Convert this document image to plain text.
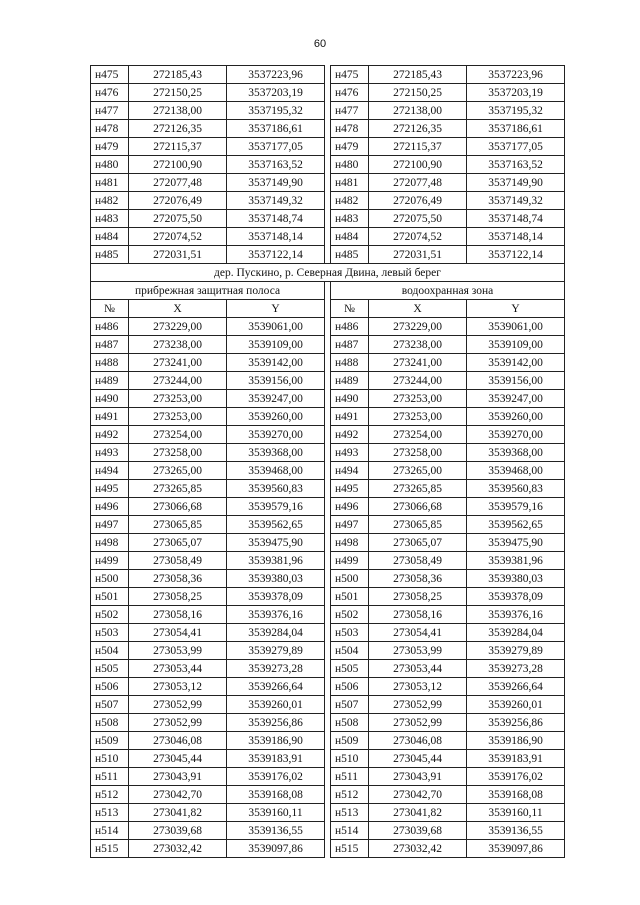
60
н475	272185,43	3537223,96		н475	272185,43	3537223,96
н476	272150,25	3537203,19		н476	272150,25	3537203,19
н477	272138,00	3537195,32		н477	272138,00	3537195,32
н478	272126,35	3537186,61		н478	272126,35	3537186,61
н479	272115,37	3537177,05		н479	272115,37	3537177,05
н480	272100,90	3537163,52		н480	272100,90	3537163,52
н481	272077,48	3537149,90		н481	272077,48	3537149,90
н482	272076,49	3537149,32		н482	272076,49	3537149,32
н483	272075,50	3537148,74		н483	272075,50	3537148,74
н484	272074,52	3537148,14		н484	272074,52	3537148,14
н485	272031,51	3537122,14		н485	272031,51	3537122,14
дер. Пускино, р. Северная Двина, левый берег						
прибрежная защитная полоса				водоохранная зона		
№	X	Y		№	X	Y
н486	273229,00	3539061,00		н486	273229,00	3539061,00
н487	273238,00	3539109,00		н487	273238,00	3539109,00
н488	273241,00	3539142,00		н488	273241,00	3539142,00
н489	273244,00	3539156,00		н489	273244,00	3539156,00
н490	273253,00	3539247,00		н490	273253,00	3539247,00
н491	273253,00	3539260,00		н491	273253,00	3539260,00
н492	273254,00	3539270,00		н492	273254,00	3539270,00
н493	273258,00	3539368,00		н493	273258,00	3539368,00
н494	273265,00	3539468,00		н494	273265,00	3539468,00
н495	273265,85	3539560,83		н495	273265,85	3539560,83
н496	273066,68	3539579,16		н496	273066,68	3539579,16
н497	273065,85	3539562,65		н497	273065,85	3539562,65
н498	273065,07	3539475,90		н498	273065,07	3539475,90
н499	273058,49	3539381,96		н499	273058,49	3539381,96
н500	273058,36	3539380,03		н500	273058,36	3539380,03
н501	273058,25	3539378,09		н501	273058,25	3539378,09
н502	273058,16	3539376,16		н502	273058,16	3539376,16
н503	273054,41	3539284,04		н503	273054,41	3539284,04
н504	273053,99	3539279,89		н504	273053,99	3539279,89
н505	273053,44	3539273,28		н505	273053,44	3539273,28
н506	273053,12	3539266,64		н506	273053,12	3539266,64
н507	273052,99	3539260,01		н507	273052,99	3539260,01
н508	273052,99	3539256,86		н508	273052,99	3539256,86
н509	273046,08	3539186,90		н509	273046,08	3539186,90
н510	273045,44	3539183,91		н510	273045,44	3539183,91
н511	273043,91	3539176,02		н511	273043,91	3539176,02
н512	273042,70	3539168,08		н512	273042,70	3539168,08
н513	273041,82	3539160,11		н513	273041,82	3539160,11
н514	273039,68	3539136,55		н514	273039,68	3539136,55
н515	273032,42	3539097,86		н515	273032,42	3539097,86
